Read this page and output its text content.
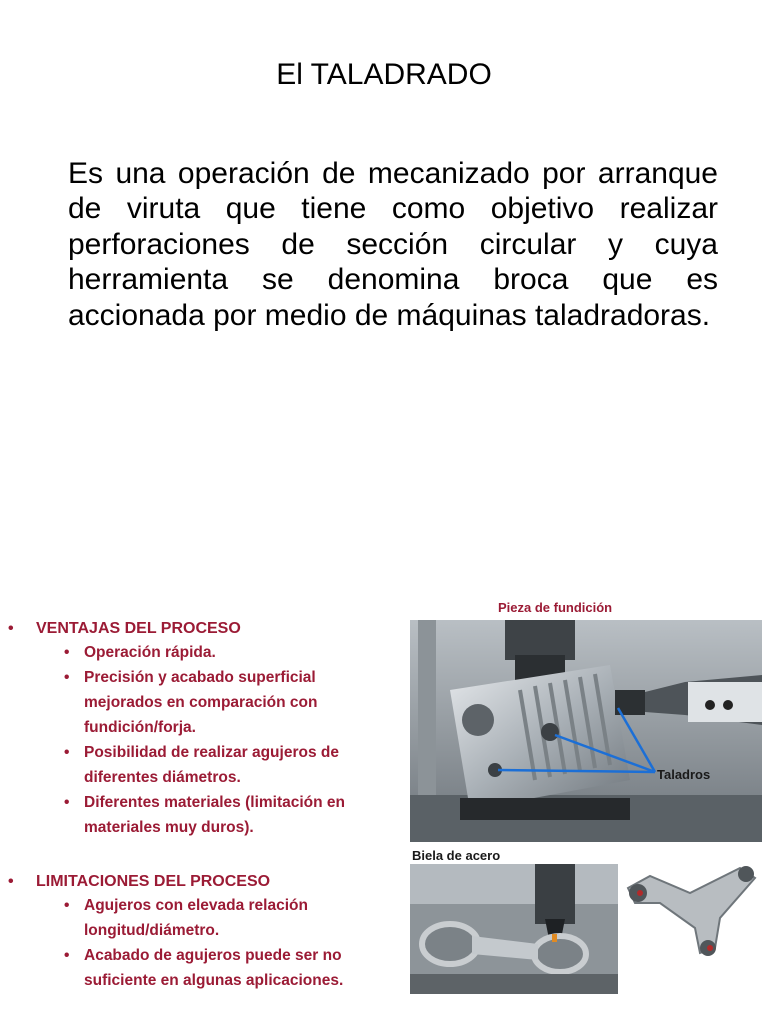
El TALADRADO
Es una operación de mecanizado por arranque de viruta que tiene como objetivo realizar perforaciones de sección circular y cuya herramienta se denomina broca que es accionada por medio de máquinas taladradoras.
•	VENTAJAS DEL PROCESO
• Operación rápida.
• Precisión y acabado superficial mejorados en comparación con fundición/forja.
• Posibilidad de realizar agujeros de diferentes diámetros.
• Diferentes materiales (limitación en materiales muy duros).
•	LIMITACIONES DEL PROCESO
• Agujeros con elevada relación longitud/diámetro.
• Acabado de agujeros puede ser no suficiente en algunas aplicaciones.
Pieza de fundición
Taladros
Biela de acero
